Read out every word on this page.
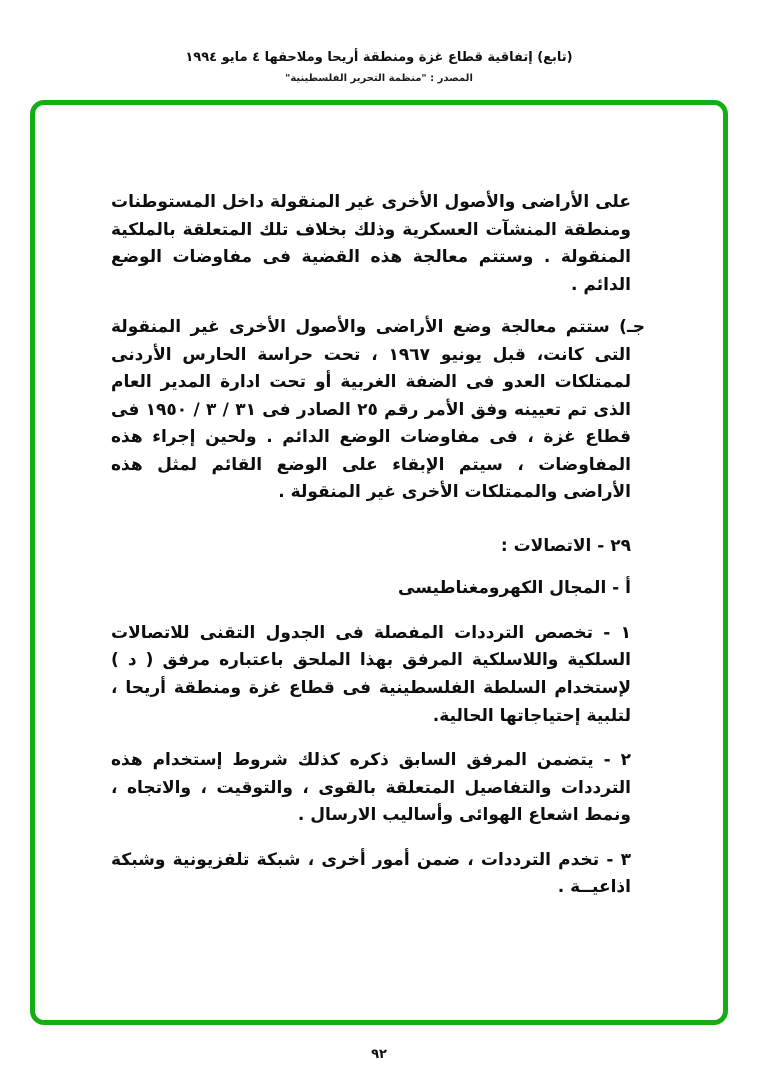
(تابع) إتفاقية قطاع غزة ومنطقة أريحا وملاحقها ٤ مايو ١٩٩٤
المصدر : "منظمة التحرير الفلسطينية"
على الأراضى والأصول الأخرى غير المنقولة داخل المستوطنات ومنطقة المنشآت العسكرية وذلك بخلاف تلك المتعلقة بالملكية المنقولة . وستتم معالجة هذه القضية فى مفاوضات الوضع الدائم .
جـ) ستتم معالجة وضع الأراضى والأصول الأخرى غير المنقولة التى كانت، قبل يونيو ١٩٦٧ ، تحت حراسة الحارس الأردنى لممتلكات العدو فى الضفة الغربية أو تحت ادارة المدير العام الذى تم تعيينه وفق الأمر رقم ٢٥ الصادر فى ٣١ / ٣ / ١٩٥٠ فى قطاع غزة ، فى مفاوضات الوضع الدائم . ولحين إجراء هذه المفاوضات ، سيتم الإبقاء على الوضع القائم لمثل هذه الأراضى والممتلكات الأخرى غير المنقولة .
٢٩ - الاتصالات :
أ - المجال الكهرومغناطيسى
١ - تخصص الترددات المفصلة فى الجدول التقنى للاتصالات السلكية واللاسلكية المرفق بهذا الملحق باعتباره مرفق ( د ) لإستخدام السلطة الفلسطينية فى قطاع غزة ومنطقة أريحا ، لتلبية إحتياجاتها الحالية.
٢ - يتضمن المرفق السابق ذكره كذلك شروط إستخدام هذه الترددات والتفاصيل المتعلقة بالقوى ، والتوقيت ، والاتجاه ، ونمط اشعاع الهوائى وأساليب الارسال .
٣ - تخدم الترددات ، ضمن أمور أخرى ، شبكة تلفزيونية وشبكة اذاعيــة .
٩٢
